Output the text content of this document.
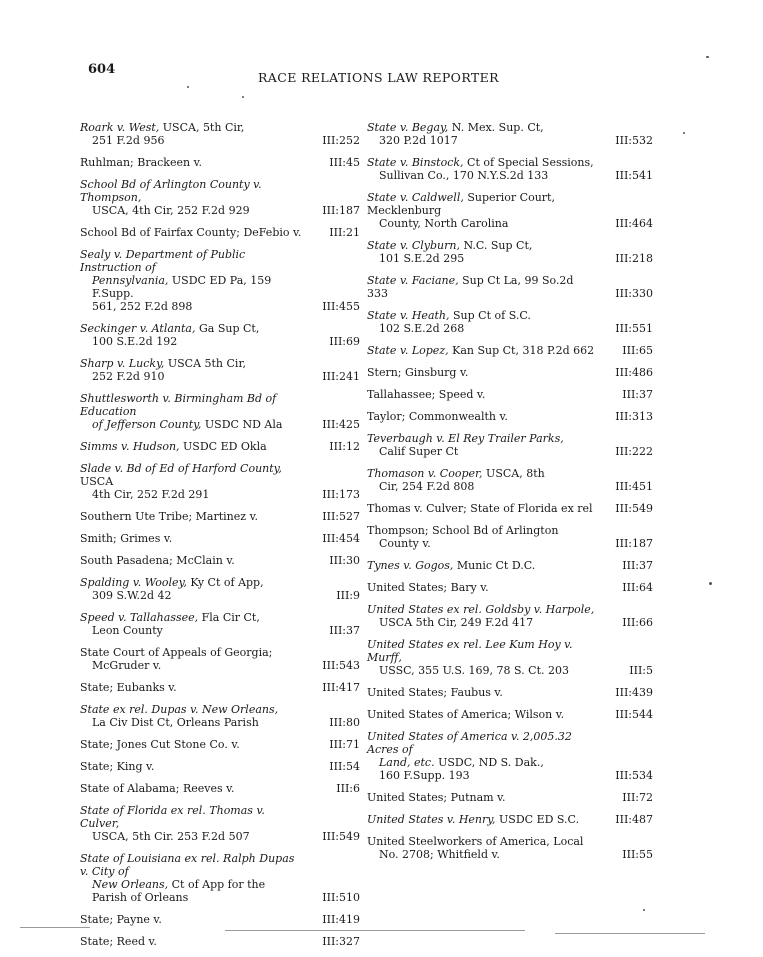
604
RACE RELATIONS LAW REPORTER
Roark v. West, USCA, 5th Cir,
251 F.2d 956	III:252
Ruhlman; Brackeen v.	III:45
School Bd of Arlington County v. Thompson,
USCA, 4th Cir, 252 F.2d 929	III:187
School Bd of Fairfax County; DeFebio v.	III:21
Sealy v. Department of Public Instruction of
Pennsylvania, USDC ED Pa, 159 F.Supp.
561, 252 F.2d 898	III:455
Seckinger v. Atlanta, Ga Sup Ct,
100 S.E.2d 192	III:69
Sharp v. Lucky, USCA 5th Cir,
252 F.2d 910	III:241
Shuttlesworth v. Birmingham Bd of Education
of Jefferson County, USDC ND Ala	III:425
Simms v. Hudson, USDC ED Okla	III:12
Slade v. Bd of Ed of Harford County, USCA
4th Cir, 252 F.2d 291	III:173
Southern Ute Tribe; Martinez v.	III:527
Smith; Grimes v.	III:454
South Pasadena; McClain v.	III:30
Spalding v. Wooley, Ky Ct of App,
309 S.W.2d 42	III:9
Speed v. Tallahassee, Fla Cir Ct,
Leon County	III:37
State Court of Appeals of Georgia;
McGruder v.	III:543
State; Eubanks v.	III:417
State ex rel. Dupas v. New Orleans,
La Civ Dist Ct, Orleans Parish	III:80
State; Jones Cut Stone Co. v.	III:71
State; King v.	III:54
State of Alabama; Reeves v.	III:6
State of Florida ex rel. Thomas v. Culver,
USCA, 5th Cir. 253 F.2d 507	III:549
State of Louisiana ex rel. Ralph Dupas v. City of
New Orleans, Ct of App for the
Parish of Orleans	III:510
State; Payne v.	III:419
State; Reed v.	III:327
State v. Begay, N. Mex. Sup. Ct,
320 P.2d 1017	III:532
State v. Binstock, Ct of Special Sessions,
Sullivan Co., 170 N.Y.S.2d 133	III:541
State v. Caldwell, Superior Court, Mecklenburg
County, North Carolina	III:464
State v. Clyburn, N.C. Sup Ct,
101 S.E.2d 295	III:218
State v. Faciane, Sup Ct La, 99 So.2d 333	III:330
State v. Heath, Sup Ct of S.C.
102 S.E.2d 268	III:551
State v. Lopez, Kan Sup Ct, 318 P.2d 662	III:65
Stern; Ginsburg v.	III:486
Tallahassee; Speed v.	III:37
Taylor; Commonwealth v.	III:313
Teverbaugh v. El Rey Trailer Parks,
Calif Super Ct	III:222
Thomason v. Cooper, USCA, 8th
Cir, 254 F.2d 808	III:451
Thomas v. Culver; State of Florida ex rel III:549
Thompson; School Bd of Arlington
County v.	III:187
Tynes v. Gogos, Munic Ct D.C.	III:37
United States; Bary v.	III:64
United States ex rel. Goldsby v. Harpole,
USCA 5th Cir, 249 F.2d 417	III:66
United States ex rel. Lee Kum Hoy v. Murff,
USSC, 355 U.S. 169, 78 S. Ct. 203	III:5
United States; Faubus v.	III:439
United States of America; Wilson v.	III:544
United States of America v. 2,005.32 Acres of
Land, etc. USDC, ND S. Dak.,
160 F.Supp. 193	III:534
United States; Putnam v.	III:72
United States v. Henry, USDC ED S.C.	III:487
United Steelworkers of America, Local
No. 2708; Whitfield v.	III:55
